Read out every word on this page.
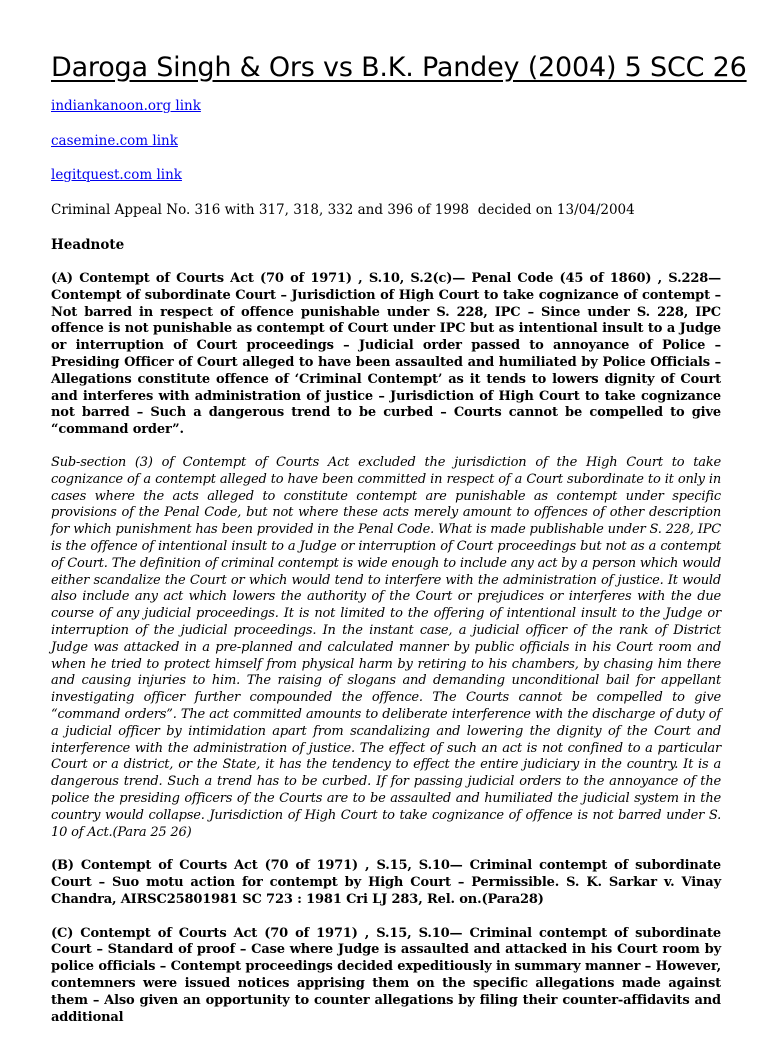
Daroga Singh & Ors vs B.K. Pandey (2004) 5 SCC 26
indiankanoon.org link
casemine.com link
legitquest.com link
Criminal Appeal No. 316 with 317, 318, 332 and 396 of 1998  decided on 13/04/2004
Headnote

(A) Contempt of Courts Act (70 of 1971) , S.10, S.2(c)— Penal Code (45 of 1860) , S.228— Contempt of subordinate Court – Jurisdiction of High Court to take cognizance of contempt – Not barred in respect of offence punishable under S. 228, IPC – Since under S. 228, IPC offence is not punishable as contempt of Court under IPC but as intentional insult to a Judge or interruption of Court proceedings – Judicial order passed to annoyance of Police – Presiding Officer of Court alleged to have been assaulted and humiliated by Police Officials – Allegations constitute offence of ‘Criminal Contempt’ as it tends to lowers dignity of Court and interferes with administration of justice – Jurisdiction of High Court to take cognizance not barred – Such a dangerous trend to be curbed – Courts cannot be compelled to give “command order”.

Sub-section (3) of Contempt of Courts Act excluded the jurisdiction of the High Court to take cognizance of a contempt alleged to have been committed in respect of a Court subordinate to it only in cases where the acts alleged to constitute contempt are punishable as contempt under specific provisions of the Penal Code, but not where these acts merely amount to offences of other description for which punishment has been provided in the Penal Code. What is made publishable under S. 228, IPC is the offence of intentional insult to a Judge or interruption of Court proceedings but not as a contempt of Court. The definition of criminal contempt is wide enough to include any act by a person which would either scandalize the Court or which would tend to interfere with the administration of justice. It would also include any act which lowers the authority of the Court or prejudices or interferes with the due course of any judicial proceedings. It is not limited to the offering of intentional insult to the Judge or interruption of the judicial proceedings. In the instant case, a judicial officer of the rank of District Judge was attacked in a pre-planned and calculated manner by public officials in his Court room and when he tried to protect himself from physical harm by retiring to his chambers, by chasing him there and causing injuries to him. The raising of slogans and demanding unconditional bail for appellant investigating officer further compounded the offence. The Courts cannot be compelled to give “command orders”. The act committed amounts to deliberate interference with the discharge of duty of a judicial officer by intimidation apart from scandalizing and lowering the dignity of the Court and interference with the administration of justice. The effect of such an act is not confined to a particular Court or a district, or the State, it has the tendency to effect the entire judiciary in the country. It is a dangerous trend. Such a trend has to be curbed. If for passing judicial orders to the annoyance of the police the presiding officers of the Courts are to be assaulted and humiliated the judicial system in the country would collapse. Jurisdiction of High Court to take cognizance of offence is not barred under S. 10 of Act.(Para 25 26)

(B) Contempt of Courts Act (70 of 1971) , S.15, S.10— Criminal contempt of subordinate Court – Suo motu action for contempt by High Court – Permissible. S. K. Sarkar v. Vinay Chandra, AIRSC25801981 SC 723 : 1981 Cri LJ 283, Rel. on.(Para28)

(C) Contempt of Courts Act (70 of 1971) , S.15, S.10— Criminal contempt of subordinate Court – Standard of proof – Case where Judge is assaulted and attacked in his Court room by police officials – Contempt proceedings decided expeditiously in summary manner – However, contemners were issued notices apprising them on the specific allegations made against them – Also given an opportunity to counter allegations by filing their counter-affidavits and additional
